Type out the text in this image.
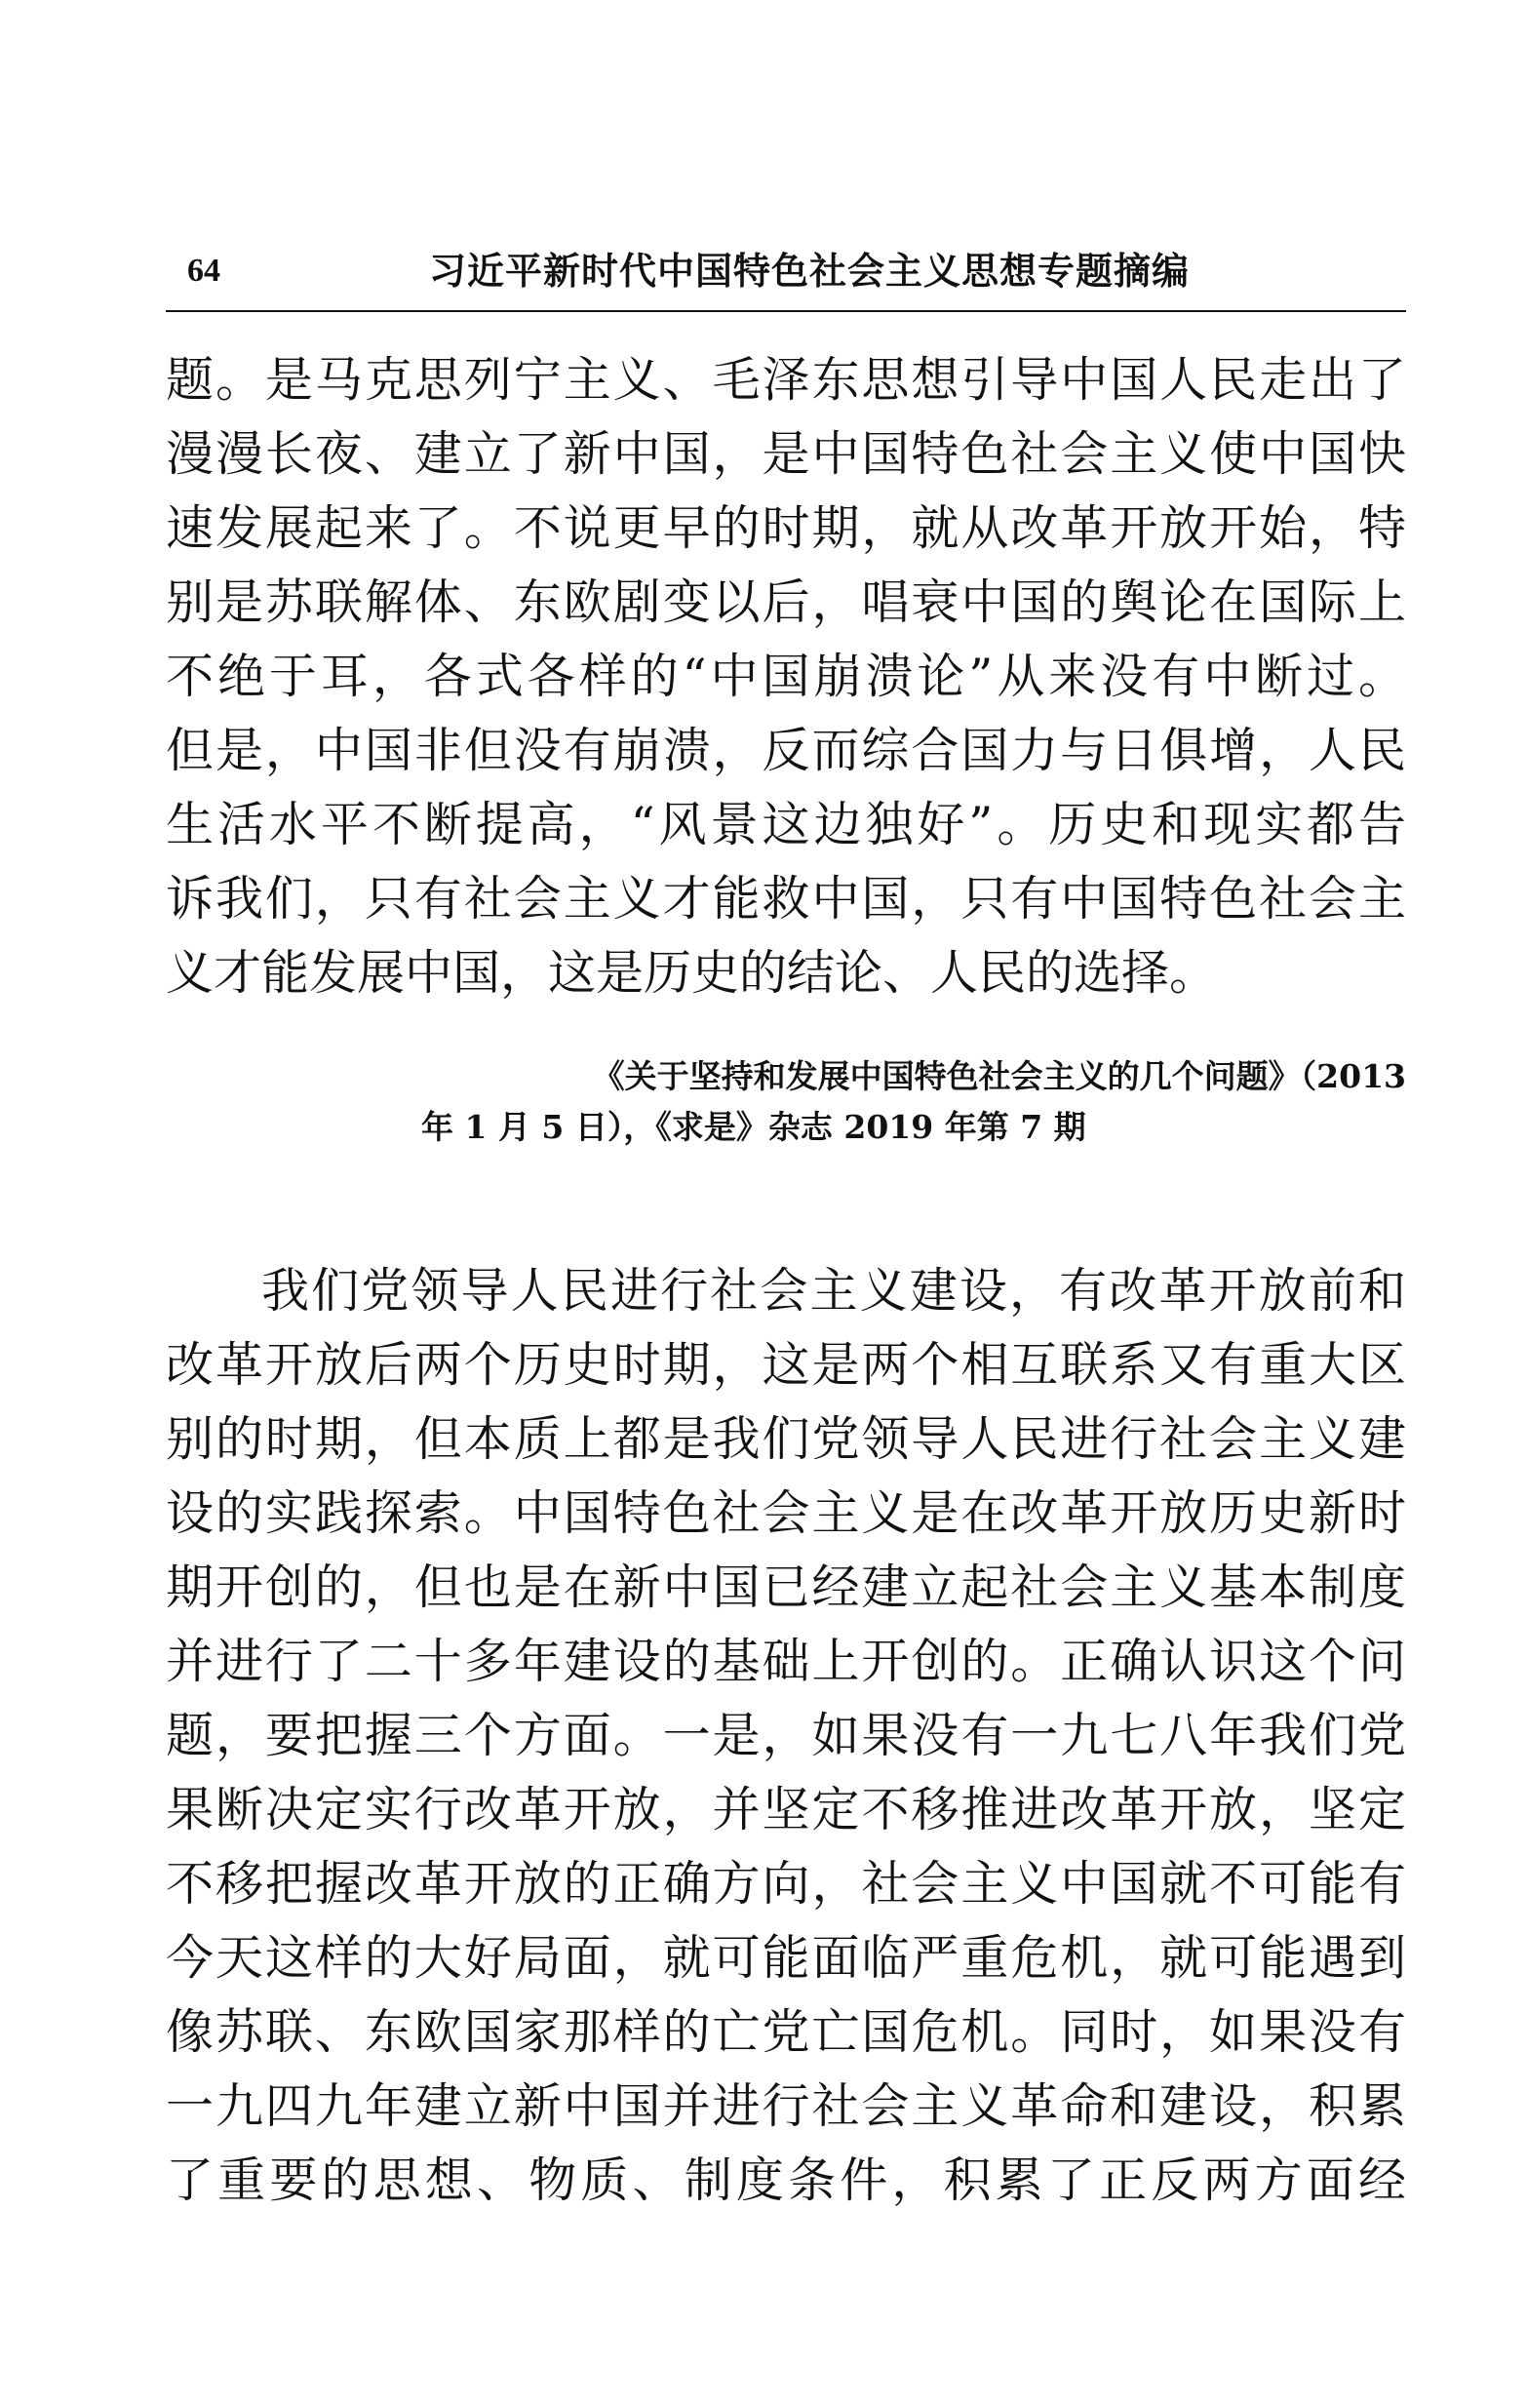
64	习近平新时代中国特色社会主义思想专题摘编
题。是马克思列宁主义、毛泽东思想引导中国人民走出了
漫漫长夜、建立了新中国，是中国特色社会主义使中国快
速发展起来了。不说更早的时期，就从改革开放开始，特
别是苏联解体、东欧剧变以后，唱衰中国的舆论在国际上
不绝于耳，各式各样的“中国崩溃论”从来没有中断过。
但是，中国非但没有崩溃，反而综合国力与日俱增，人民
生活水平不断提高，“风景这边独好”。历史和现实都告
诉我们，只有社会主义才能救中国，只有中国特色社会主
义才能发展中国，这是历史的结论、人民的选择。
《关于坚持和发展中国特色社会主义的几个问题》（2013
年 1 月 5 日），《求是》杂志 2019 年第 7 期
我们党领导人民进行社会主义建设，有改革开放前和
改革开放后两个历史时期，这是两个相互联系又有重大区
别的时期，但本质上都是我们党领导人民进行社会主义建
设的实践探索。中国特色社会主义是在改革开放历史新时
期开创的，但也是在新中国已经建立起社会主义基本制度
并进行了二十多年建设的基础上开创的。正确认识这个问
题，要把握三个方面。一是，如果没有一九七八年我们党
果断决定实行改革开放，并坚定不移推进改革开放，坚定
不移把握改革开放的正确方向，社会主义中国就不可能有
今天这样的大好局面，就可能面临严重危机，就可能遇到
像苏联、东欧国家那样的亡党亡国危机。同时，如果没有
一九四九年建立新中国并进行社会主义革命和建设，积累
了重要的思想、物质、制度条件，积累了正反两方面经
